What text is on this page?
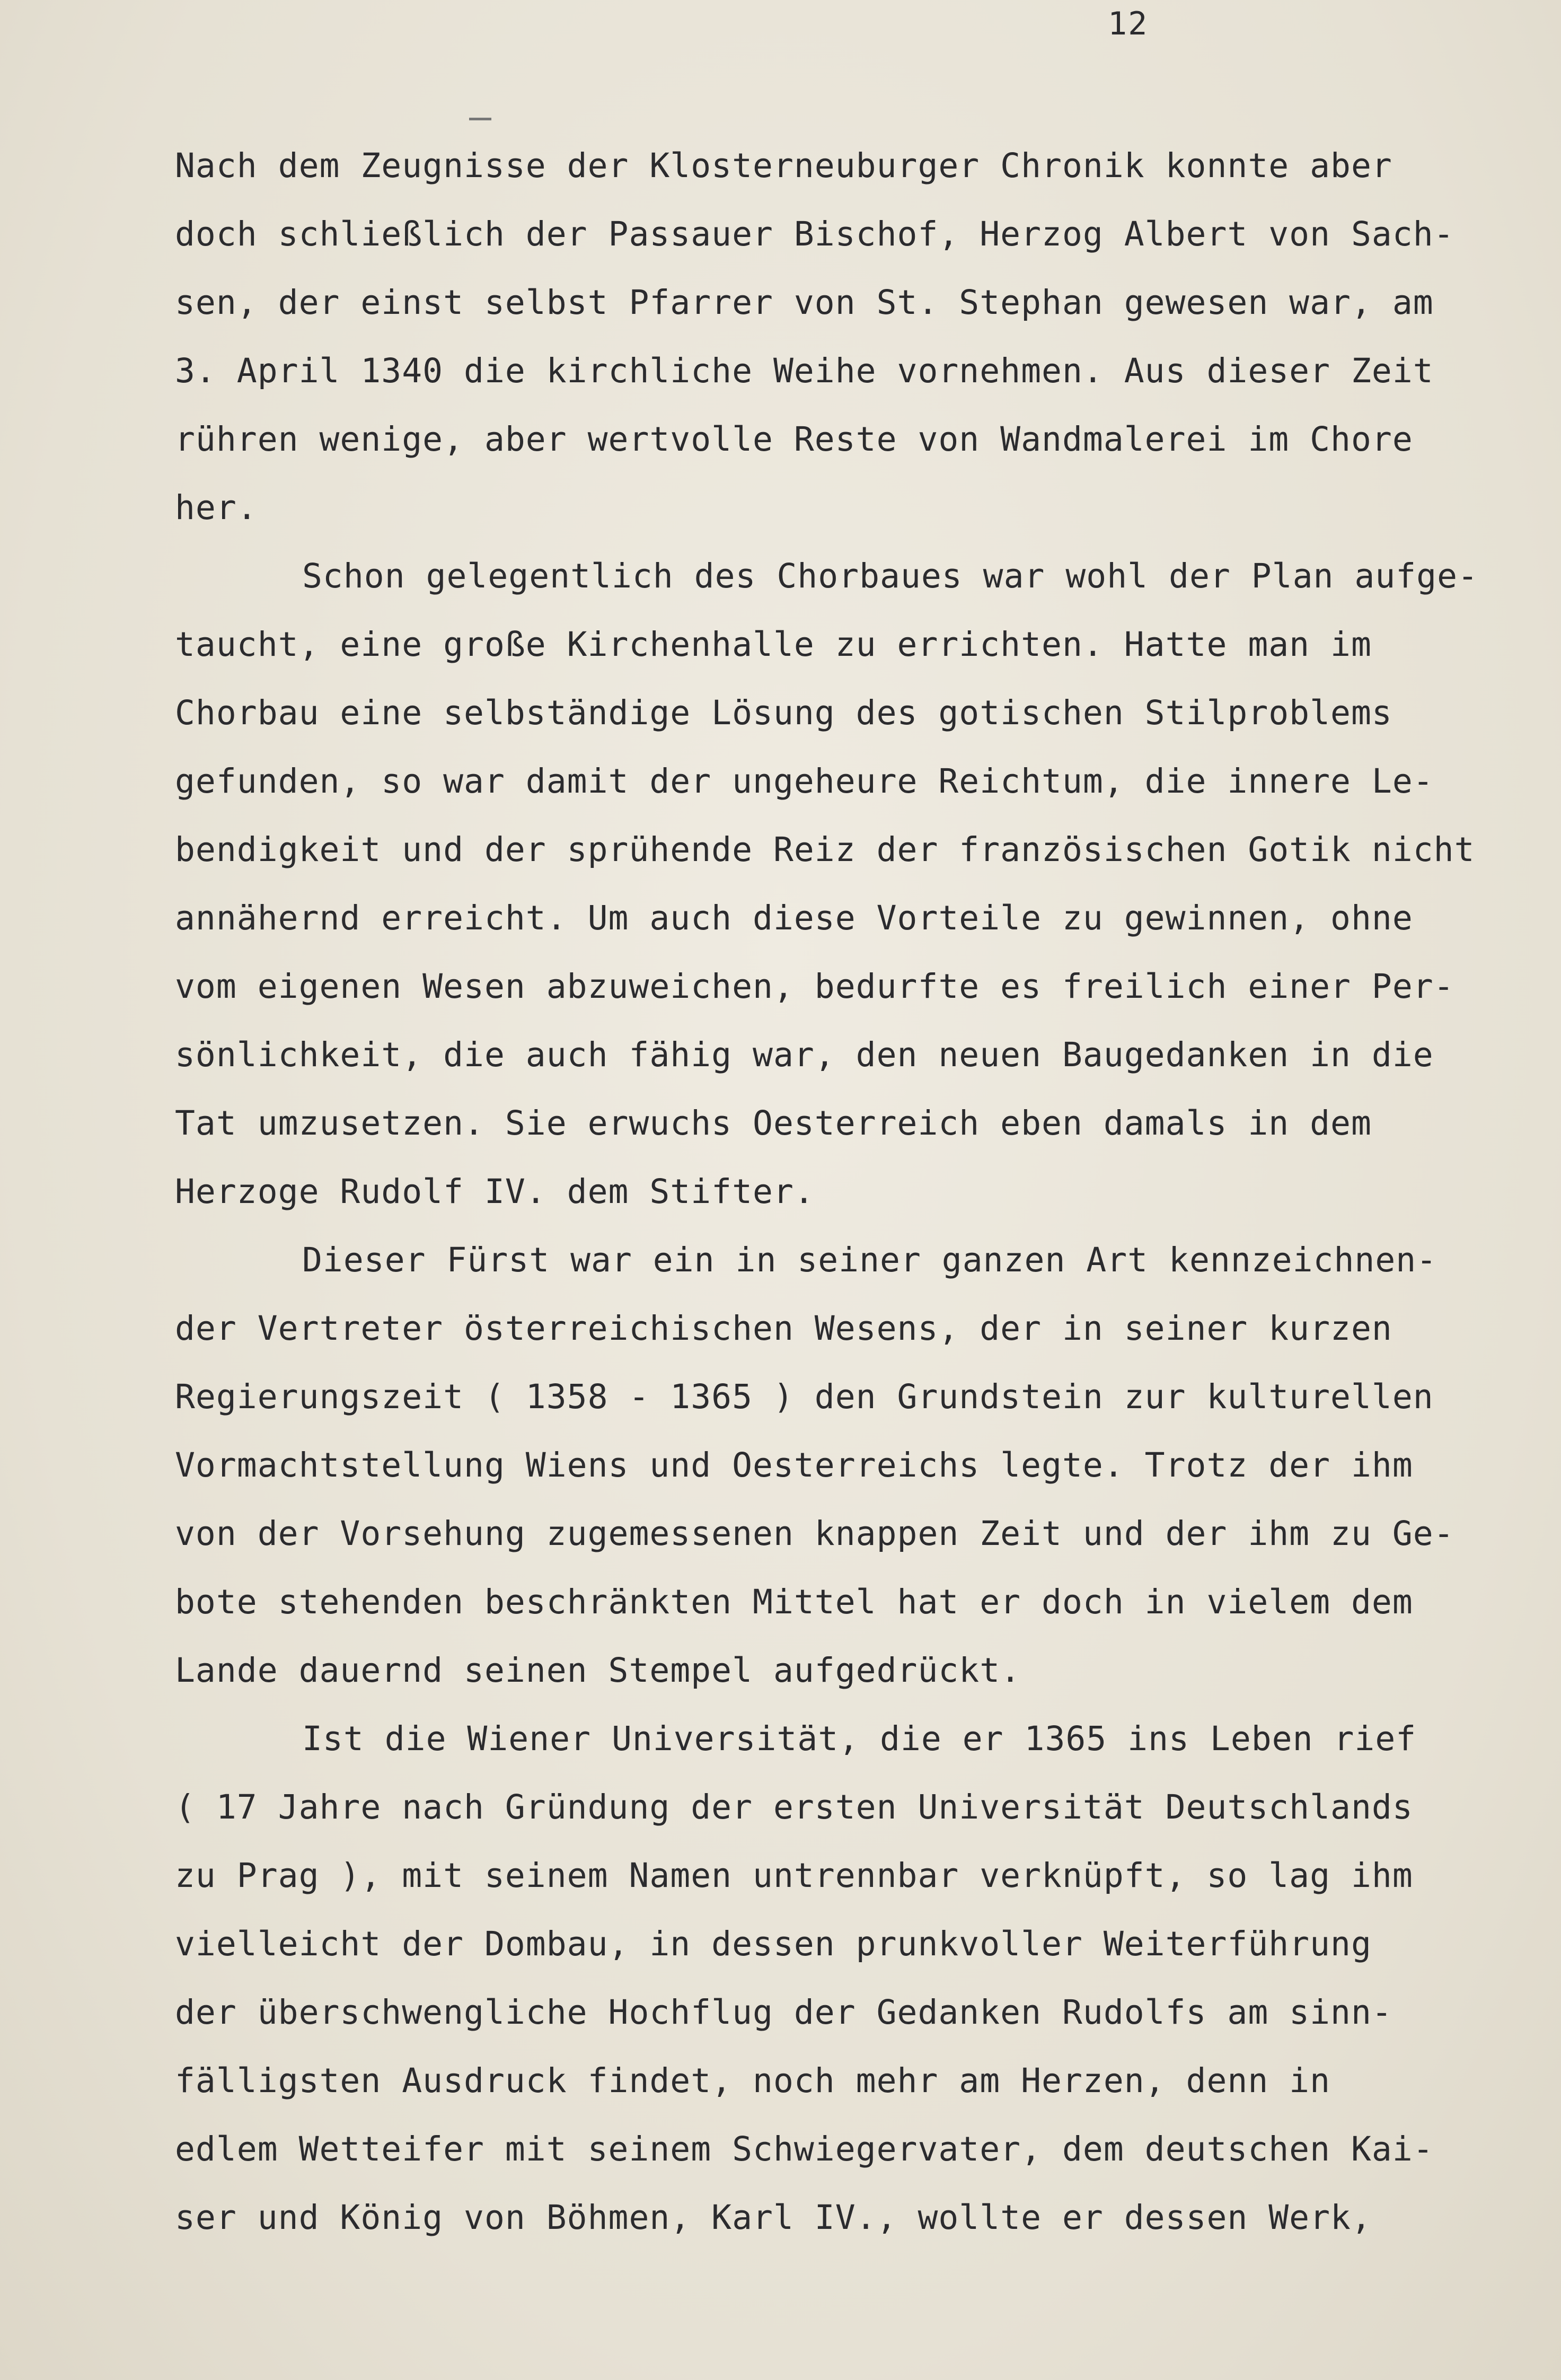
12
Nach dem Zeugnisse der Klosterneuburger Chronik konnte aber
doch schließlich der Passauer Bischof, Herzog Albert von Sach-
sen, der einst selbst Pfarrer von St. Stephan gewesen war, am
3. April 1340 die kirchliche Weihe vornehmen. Aus dieser Zeit
rühren wenige, aber wertvolle Reste von Wandmalerei im Chore
her.
Schon gelegentlich des Chorbaues war wohl der Plan aufge-
taucht, eine große Kirchenhalle zu errichten. Hatte man im
Chorbau eine selbständige Lösung des gotischen Stilproblems
gefunden, so war damit der ungeheure Reichtum, die innere Le-
bendigkeit und der sprühende Reiz der französischen Gotik nicht
annähernd erreicht. Um auch diese Vorteile zu gewinnen, ohne
vom eigenen Wesen abzuweichen, bedurfte es freilich einer Per-
sönlichkeit, die auch fähig war, den neuen Baugedanken in die
Tat umzusetzen. Sie erwuchs Oesterreich eben damals in dem
Herzoge Rudolf IV. dem Stifter.
Dieser Fürst war ein in seiner ganzen Art kennzeichnen-
der Vertreter österreichischen Wesens, der in seiner kurzen
Regierungszeit ( 1358 - 1365 ) den Grundstein zur kulturellen
Vormachtstellung Wiens und Oesterreichs legte. Trotz der ihm
von der Vorsehung zugemessenen knappen Zeit und der ihm zu Ge-
bote stehenden beschränkten Mittel hat er doch in vielem dem
Lande dauernd seinen Stempel aufgedrückt.
Ist die Wiener Universität, die er 1365 ins Leben rief
( 17 Jahre nach Gründung der ersten Universität Deutschlands
zu Prag ), mit seinem Namen untrennbar verknüpft, so lag ihm
vielleicht der Dombau, in dessen prunkvoller Weiterführung
der überschwengliche Hochflug der Gedanken Rudolfs am sinn-
fälligsten Ausdruck findet, noch mehr am Herzen, denn in
edlem Wetteifer mit seinem Schwiegervater, dem deutschen Kai-
ser und König von Böhmen, Karl IV., wollte er dessen Werk,
